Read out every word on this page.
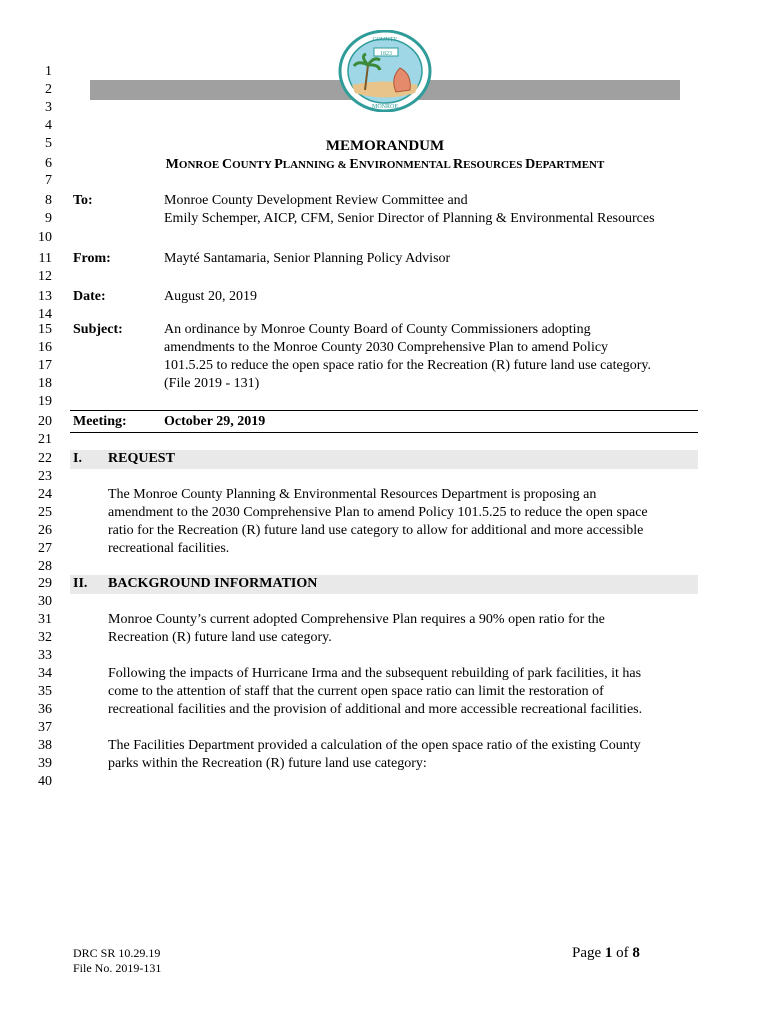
1
2
3
4
5
6
7
8
9
10
11
12
13
14
15
16
17
18
19
20
21
22
23
24
25
26
27
28
29
30
31
32
33
34
35
36
37
38
39
40
1823
COUNTY
MONROE
MEMORANDUM
MONROE COUNTY PLANNING & ENVIRONMENTAL RESOURCES DEPARTMENT
To:	Monroe County Development Review Committee and
Emily Schemper, AICP, CFM, Senior Director of Planning & Environmental Resources
From:	Mayté Santamaria, Senior Planning Policy Advisor
Date:	August 20, 2019
Subject:	An ordinance by Monroe County Board of County Commissioners adopting
amendments to the Monroe County 2030 Comprehensive Plan to amend Policy
101.5.25 to reduce the open space ratio for the Recreation (R) future land use category.
(File 2019 - 131)
Meeting:	October 29, 2019
I. REQUEST
The Monroe County Planning & Environmental Resources Department is proposing an
amendment to the 2030 Comprehensive Plan to amend Policy 101.5.25 to reduce the open space
ratio for the Recreation (R) future land use category to allow for additional and more accessible
recreational facilities.
II. BACKGROUND INFORMATION
Monroe County’s current adopted Comprehensive Plan requires a 90% open ratio for the
Recreation (R) future land use category.
Following the impacts of Hurricane Irma and the subsequent rebuilding of park facilities, it has
come to the attention of staff that the current open space ratio can limit the restoration of
recreational facilities and the provision of additional and more accessible recreational facilities.
The Facilities Department provided a calculation of the open space ratio of the existing County
parks within the Recreation (R) future land use category:
DRC SR 10.29.19
File No. 2019-131
Page 1 of 8
